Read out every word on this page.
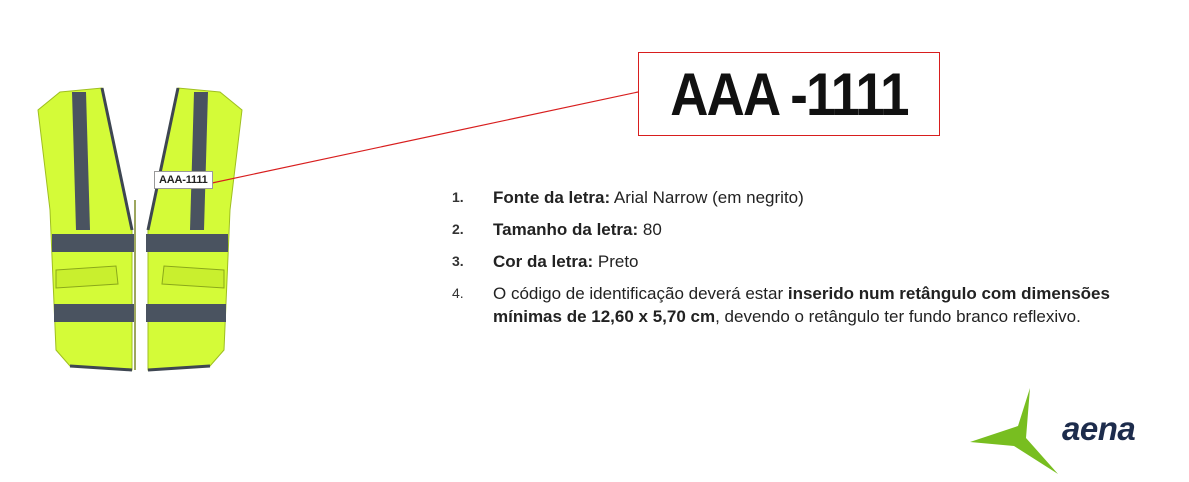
AAA-1111
AAA -1111
1.	Fonte da letra: Arial Narrow (em negrito)
2.	Tamanho da letra: 80
3.	Cor da letra: Preto
4.	O código de identificação deverá estar inserido num retângulo com dimensões mínimas de 12,60 x 5,70 cm, devendo o retângulo ter fundo branco reflexivo.
aena
